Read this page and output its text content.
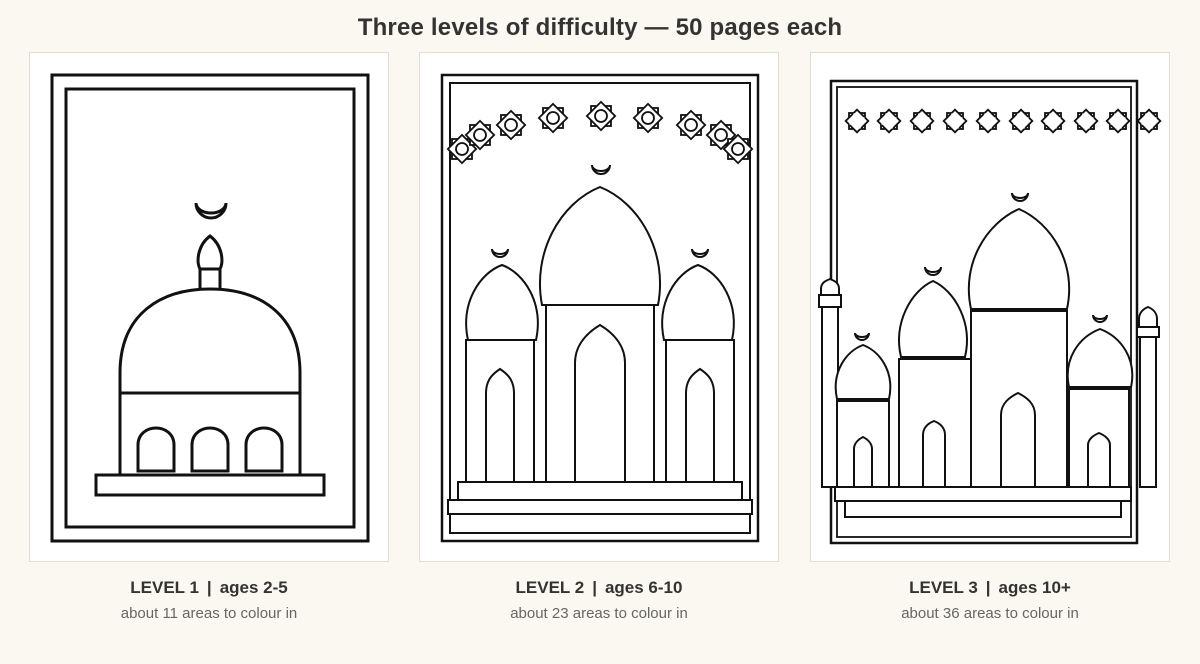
Three levels of difficulty — 50 pages each
LEVEL 1 | ages 2-5
about 11 areas to colour in
LEVEL 2 | ages 6-10
about 23 areas to colour in
LEVEL 3 | ages 10+
about 36 areas to colour in
